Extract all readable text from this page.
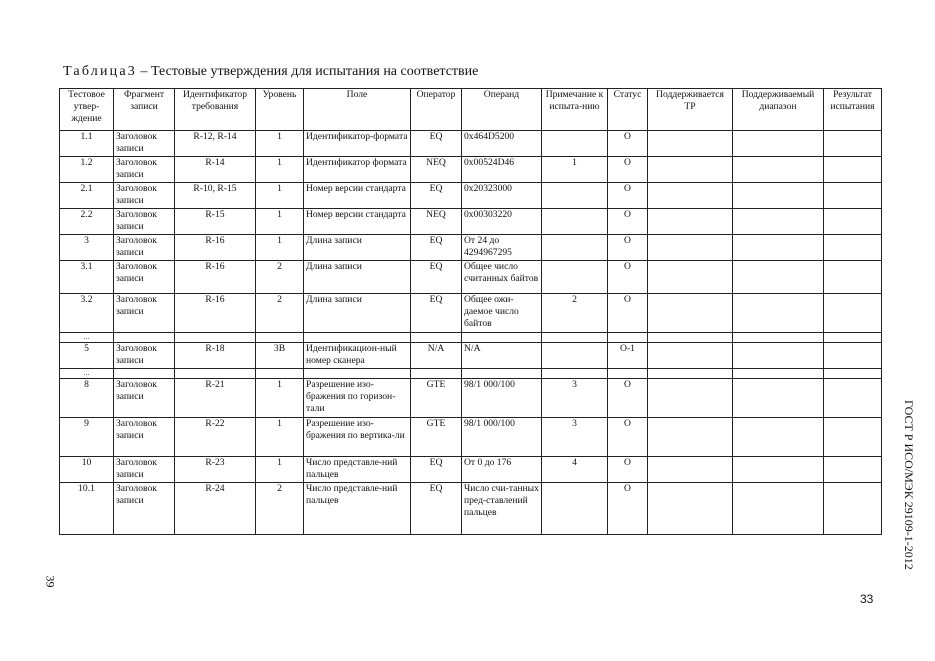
Таблица3 – Тестовые утверждения для испытания на соответствие
Тестовое утвер-ждение	Фрагмент записи	Идентификатор требования	Уровень	Поле	Оператор	Операнд	Примечание к испыта-нию	Статус	Поддерживается ТР	Поддерживаемый диапазон	Результат испытания
1.1	Заголовок записи	R-12, R-14	1	Идентификатор-формата	EQ	0x464D5200		O			
1.2	Заголовок записи	R-14	1	Идентификатор формата	NEQ	0x00524D46	1	O			
2.1	Заголовок записи	R-10, R-15	1	Номер версии стандарта	EQ	0x20323000		O			
2.2	Заголовок записи	R-15	1	Номер версии стандарта	NEQ	0x00303220		O			
3	Заголовок записи	R-16	1	Длина записи	EQ	От 24 до 4294967295		O			
3.1	Заголовок записи	R-16	2	Длина записи	EQ	Общее число считанных байтов		O			
3.2	Заголовок записи	R-16	2	Длина записи	EQ	Общее ожи-даемое число байтов	2	O			
...											
5	Заголовок записи	R-18	3B	Идентификацион-ный номер сканера	N/A	N/A		O-1			
...											
8	Заголовок записи	R-21	1	Разрешение изо-бражения по горизон-тали	GTE	98/1 000/100	3	O			
9	Заголовок записи	R-22	1	Разрешение изо-бражения по вертика-ли	GTE	98/1 000/100	3	O			
10	Заголовок записи	R-23	1	Число представле-ний пальцев	EQ	От 0 до 176	4	O			
10.1	Заголовок записи	R-24	2	Число представле-ний пальцев	EQ	Число счи-танных пред-ставлений пальцев		O				ГОСТ Р ИСО/МЭК 29109-1-2012
39
33
